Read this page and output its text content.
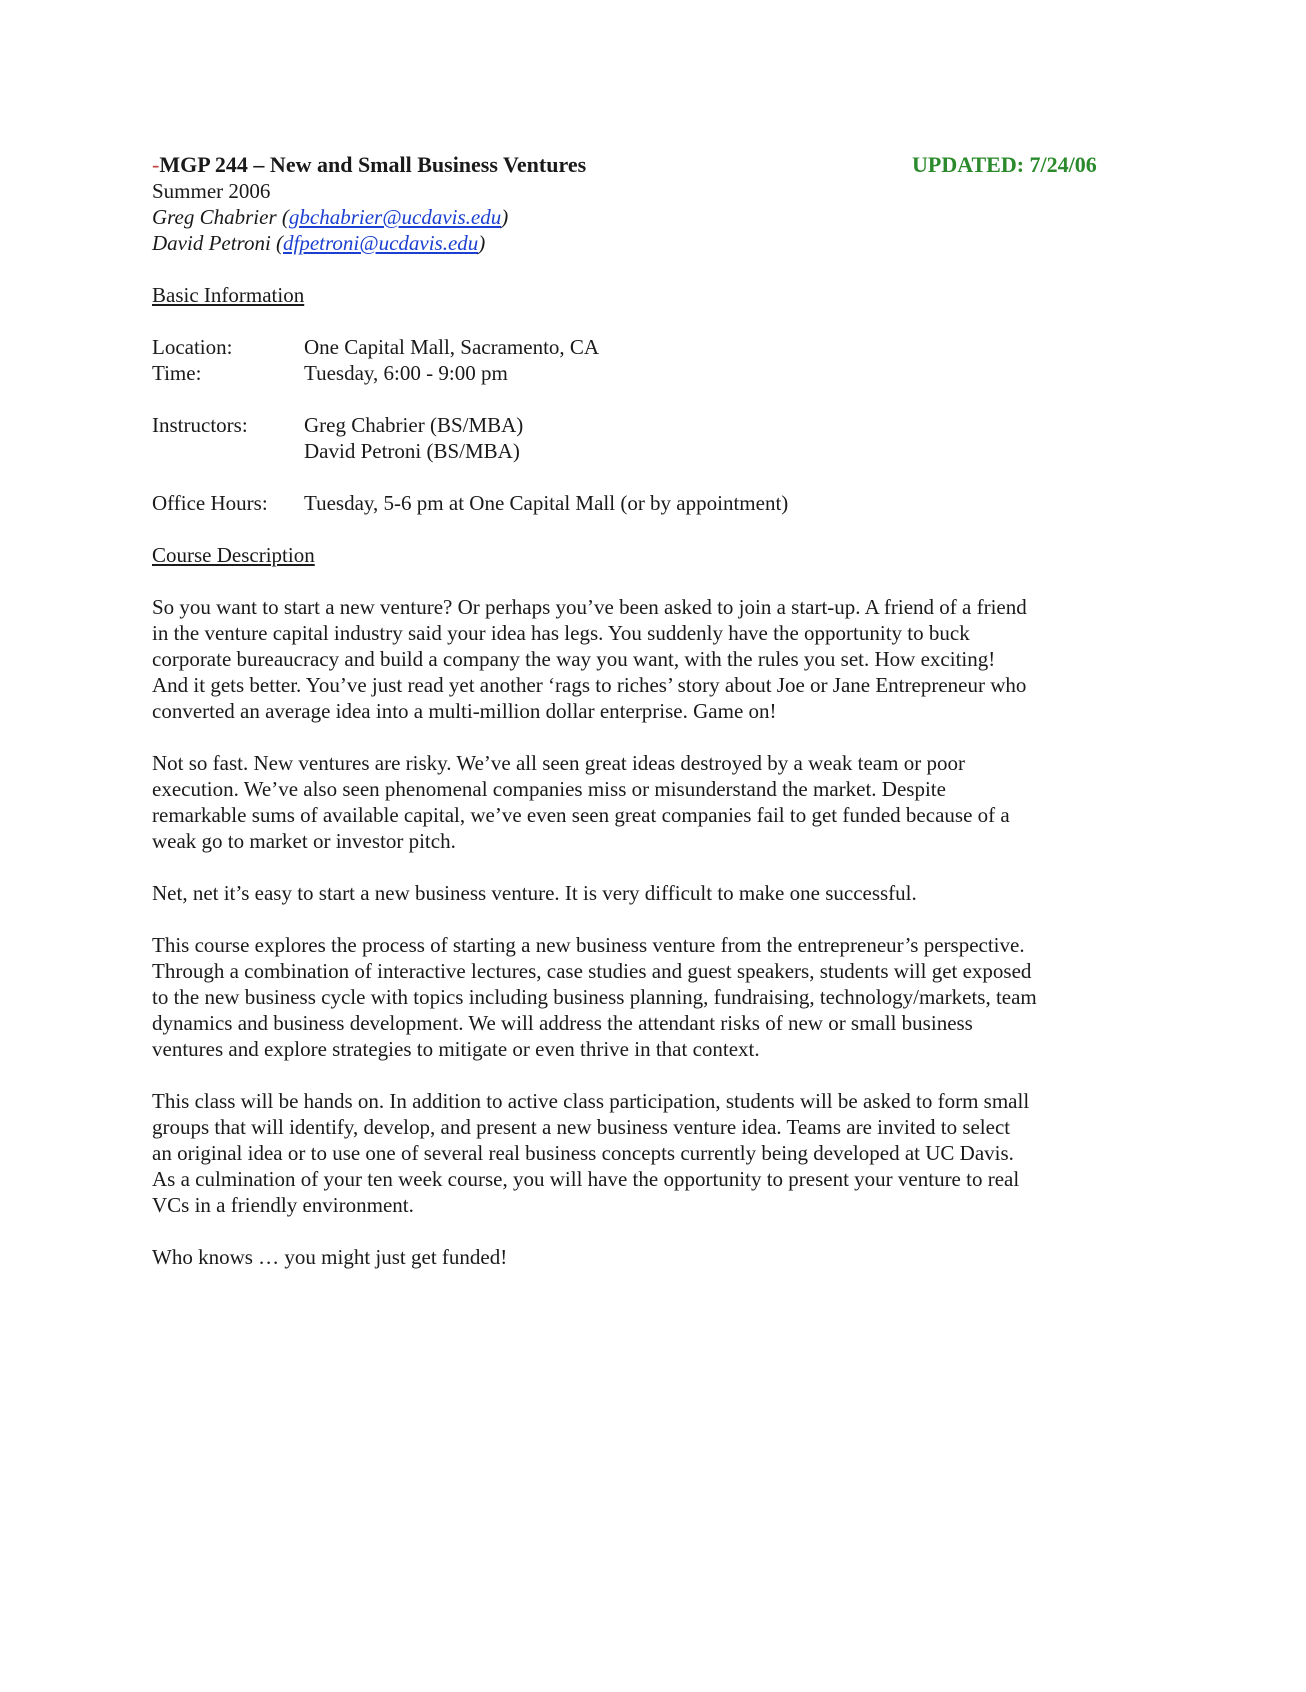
-MGP 244 – New and Small Business Ventures	UPDATED: 7/24/06
Summer 2006
Greg Chabrier (gbchabrier@ucdavis.edu)
David Petroni (dfpetroni@ucdavis.edu)
Basic Information
Location:	One Capital Mall, Sacramento, CA
Time:	Tuesday, 6:00 - 9:00 pm
Instructors:	Greg Chabrier (BS/MBA)
David Petroni (BS/MBA)
Office Hours: Tuesday, 5-6 pm at One Capital Mall (or by appointment)
Course Description

So you want to start a new venture? Or perhaps you’ve been asked to join a start-up. A friend of a friend
in the venture capital industry said your idea has legs. You suddenly have the opportunity to buck
corporate bureaucracy and build a company the way you want, with the rules you set. How exciting!
And it gets better. You’ve just read yet another ‘rags to riches’ story about Joe or Jane Entrepreneur who
converted an average idea into a multi-million dollar enterprise. Game on!

Not so fast. New ventures are risky. We’ve all seen great ideas destroyed by a weak team or poor
execution. We’ve also seen phenomenal companies miss or misunderstand the market. Despite
remarkable sums of available capital, we’ve even seen great companies fail to get funded because of a
weak go to market or investor pitch.

Net, net it’s easy to start a new business venture. It is very difficult to make one successful.

This course explores the process of starting a new business venture from the entrepreneur’s perspective.
Through a combination of interactive lectures, case studies and guest speakers, students will get exposed
to the new business cycle with topics including business planning, fundraising, technology/markets, team
dynamics and business development. We will address the attendant risks of new or small business
ventures and explore strategies to mitigate or even thrive in that context.

This class will be hands on. In addition to active class participation, students will be asked to form small
groups that will identify, develop, and present a new business venture idea. Teams are invited to select
an original idea or to use one of several real business concepts currently being developed at UC Davis.
As a culmination of your ten week course, you will have the opportunity to present your venture to real
VCs in a friendly environment.

Who knows … you might just get funded!
